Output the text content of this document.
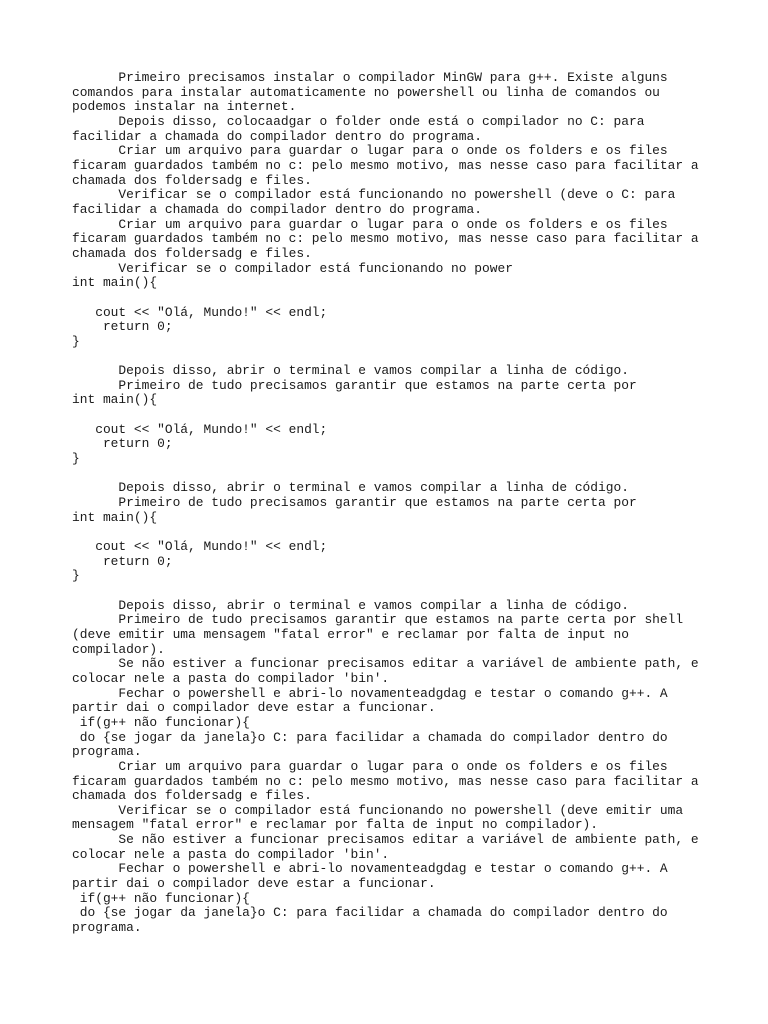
Primeiro precisamos instalar o compilador MinGW para g++. Existe alguns
comandos para instalar automaticamente no powershell ou linha de comandos ou
podemos instalar na internet.
Depois disso, colocaadgar o folder onde está o compilador no C: para
facilidar a chamada do compilador dentro do programa.
Criar um arquivo para guardar o lugar para o onde os folders e os files
ficaram guardados também no c: pelo mesmo motivo, mas nesse caso para facilitar a
chamada dos foldersadg e files.
Verificar se o compilador está funcionando no powershell (deve o C: para
facilidar a chamada do compilador dentro do programa.
Criar um arquivo para guardar o lugar para o onde os folders e os files
ficaram guardados também no c: pelo mesmo motivo, mas nesse caso para facilitar a
chamada dos foldersadg e files.
Verificar se o compilador está funcionando no power
int main(){
cout << "Olá, Mundo!" << endl;
return 0;
}
Depois disso, abrir o terminal e vamos compilar a linha de código.
Primeiro de tudo precisamos garantir que estamos na parte certa por
int main(){
cout << "Olá, Mundo!" << endl;
return 0;
}
Depois disso, abrir o terminal e vamos compilar a linha de código.
Primeiro de tudo precisamos garantir que estamos na parte certa por
int main(){
cout << "Olá, Mundo!" << endl;
return 0;
}
Depois disso, abrir o terminal e vamos compilar a linha de código.
Primeiro de tudo precisamos garantir que estamos na parte certa por shell
(deve emitir uma mensagem "fatal error" e reclamar por falta de input no
compilador).
Se não estiver a funcionar precisamos editar a variável de ambiente path, e
colocar nele a pasta do compilador 'bin'.
Fechar o powershell e abri-lo novamenteadgdag e testar o comando g++. A
partir dai o compilador deve estar a funcionar.
if(g++ não funcionar){
do {se jogar da janela}o C: para facilidar a chamada do compilador dentro do
programa.
Criar um arquivo para guardar o lugar para o onde os folders e os files
ficaram guardados também no c: pelo mesmo motivo, mas nesse caso para facilitar a
chamada dos foldersadg e files.
Verificar se o compilador está funcionando no powershell (deve emitir uma
mensagem "fatal error" e reclamar por falta de input no compilador).
Se não estiver a funcionar precisamos editar a variável de ambiente path, e
colocar nele a pasta do compilador 'bin'.
Fechar o powershell e abri-lo novamenteadgdag e testar o comando g++. A
partir dai o compilador deve estar a funcionar.
if(g++ não funcionar){
do {se jogar da janela}o C: para facilidar a chamada do compilador dentro do
programa.
